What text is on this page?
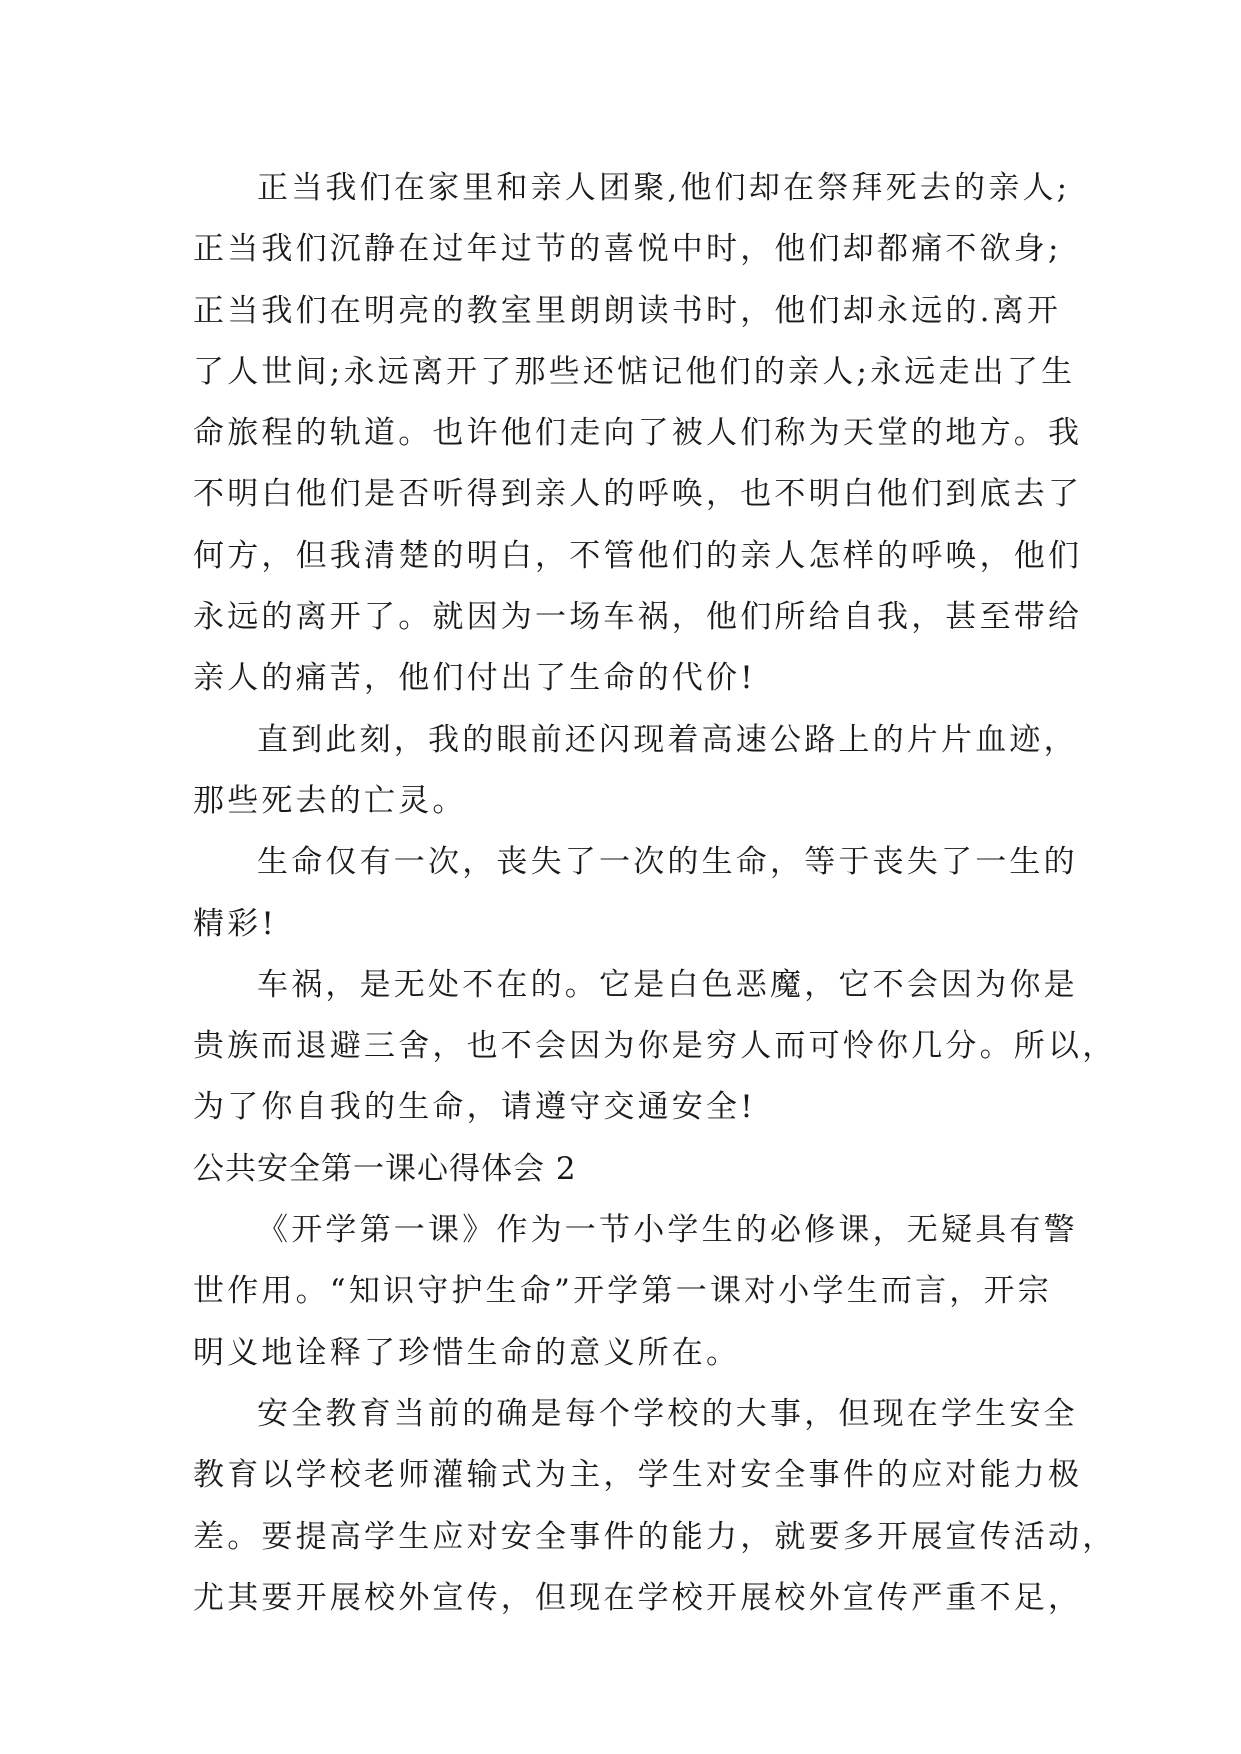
正当我们在家里和亲人团聚,他们却在祭拜死去的亲人;
正当我们沉静在过年过节的喜悦中时，他们却都痛不欲身;
正当我们在明亮的教室里朗朗读书时，他们却永远的.离开
了人世间;永远离开了那些还惦记他们的亲人;永远走出了生
命旅程的轨道。也许他们走向了被人们称为天堂的地方。我
不明白他们是否听得到亲人的呼唤，也不明白他们到底去了
何方，但我清楚的明白，不管他们的亲人怎样的呼唤，他们
永远的离开了。就因为一场车祸，他们所给自我，甚至带给
亲人的痛苦，他们付出了生命的代价!
直到此刻，我的眼前还闪现着高速公路上的片片血迹，
那些死去的亡灵。
生命仅有一次，丧失了一次的生命，等于丧失了一生的
精彩!
车祸，是无处不在的。它是白色恶魔，它不会因为你是
贵族而退避三舍，也不会因为你是穷人而可怜你几分。所以，
为了你自我的生命，请遵守交通安全!
公共安全第一课心得体会 2
《开学第一课》作为一节小学生的必修课，无疑具有警
世作用。“知识守护生命”开学第一课对小学生而言，开宗
明义地诠释了珍惜生命的意义所在。
安全教育当前的确是每个学校的大事，但现在学生安全
教育以学校老师灌输式为主，学生对安全事件的应对能力极
差。要提高学生应对安全事件的能力，就要多开展宣传活动，
尤其要开展校外宣传，但现在学校开展校外宣传严重不足，
